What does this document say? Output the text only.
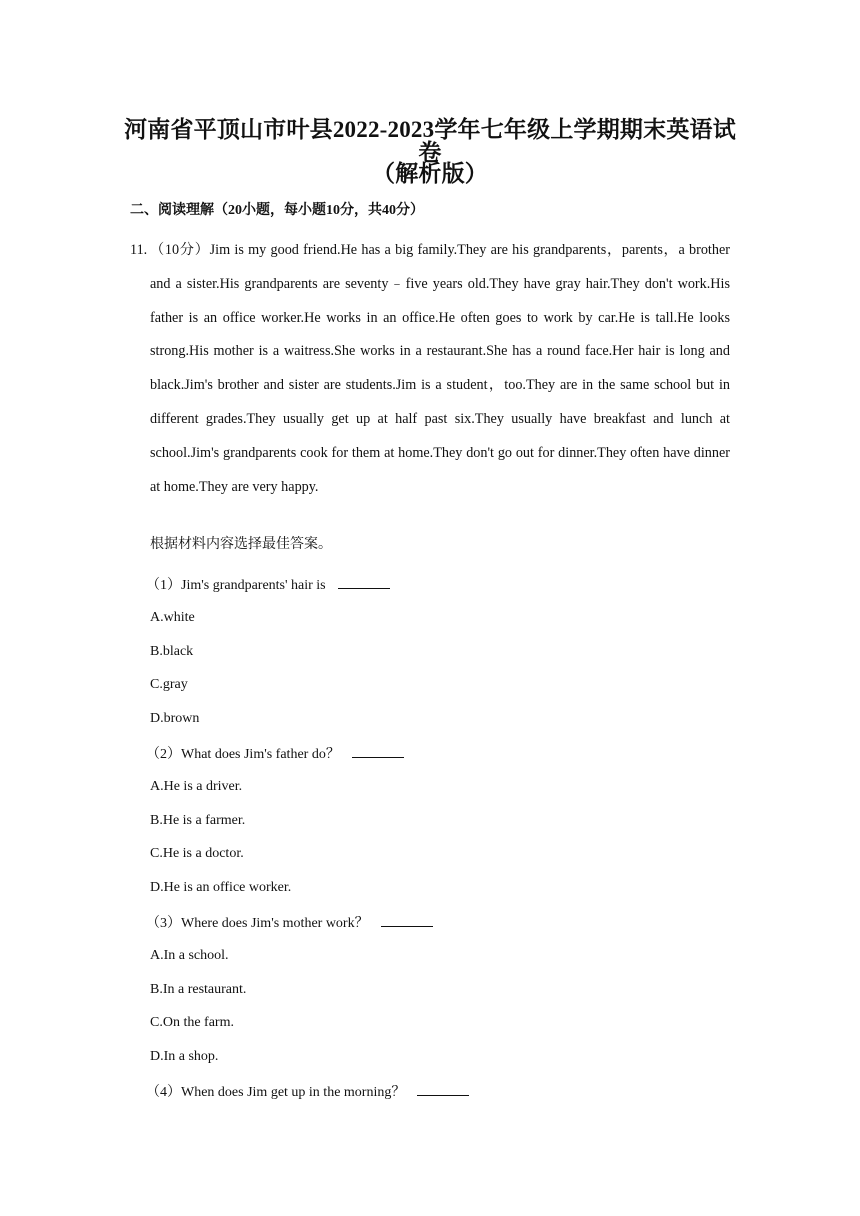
河南省平顶山市叶县2022-2023学年七年级上学期期末英语试卷
（解析版）
二、阅读理解（20小题，每小题10分，共40分）
11. （10分）Jim is my good friend.He has a big family.They are his grandparents，parents，a brother and a sister.His grandparents are seventy﹣five years old.They have gray hair.They don't work.His father is an office worker.He works in an office.He often goes to work by car.He is tall.He looks strong.His mother is a waitress.She works in a restaurant.She has a round face.Her hair is long and black.Jim's brother and sister are students.Jim is a student，too.They are in the same school but in different grades.They usually get up at half past six.They usually have breakfast and lunch at school.Jim's grandparents cook for them at home.They don't go out for dinner.They often have dinner at home.They are very happy.
根据材料内容选择最佳答案。
（1）Jim's grandparents' hair is
A.white
B.black
C.gray
D.brown
（2）What does Jim's father do？
A.He is a driver.
B.He is a farmer.
C.He is a doctor.
D.He is an office worker.
（3）Where does Jim's mother work？
A.In a school.
B.In a restaurant.
C.On the farm.
D.In a shop.
（4）When does Jim get up in the morning？
